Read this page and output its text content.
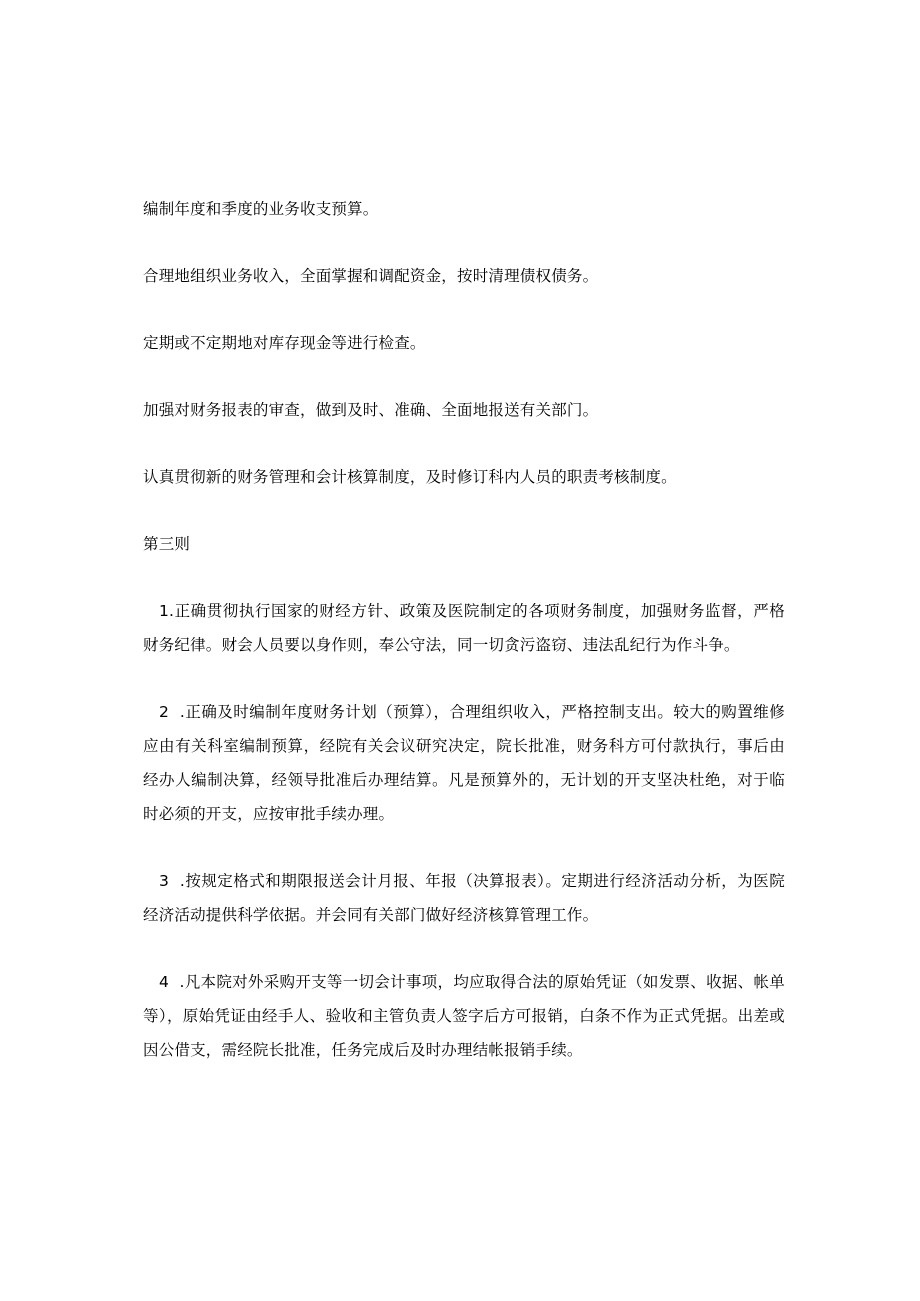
编制年度和季度的业务收支预算。

合理地组织业务收入，全面掌握和调配资金，按时清理债权债务。

定期或不定期地对库存现金等进行检查。

加强对财务报表的审查，做到及时、准确、全面地报送有关部门。

认真贯彻新的财务管理和会计核算制度，及时修订科内人员的职责考核制度。

第三则

1.正确贯彻执行国家的财经方针、政策及医院制定的各项财务制度，加强财务监督，严格财务纪律。财会人员要以身作则，奉公守法，同一切贪污盗窃、违法乱纪行为作斗争。

2  .正确及时编制年度财务计划（预算），合理组织收入，严格控制支出。较大的购置维修应由有关科室编制预算，经院有关会议研究决定，院长批准，财务科方可付款执行，事后由经办人编制决算，经领导批准后办理结算。凡是预算外的，无计划的开支坚决杜绝，对于临时必须的开支，应按审批手续办理。

3  .按规定格式和期限报送会计月报、年报（决算报表）。定期进行经济活动分析，为医院经济活动提供科学依据。并会同有关部门做好经济核算管理工作。

4  .凡本院对外采购开支等一切会计事项，均应取得合法的原始凭证（如发票、收据、帐单等），原始凭证由经手人、验收和主管负责人签字后方可报销，白条不作为正式凭据。出差或因公借支，需经院长批准，任务完成后及时办理结帐报销手续。
